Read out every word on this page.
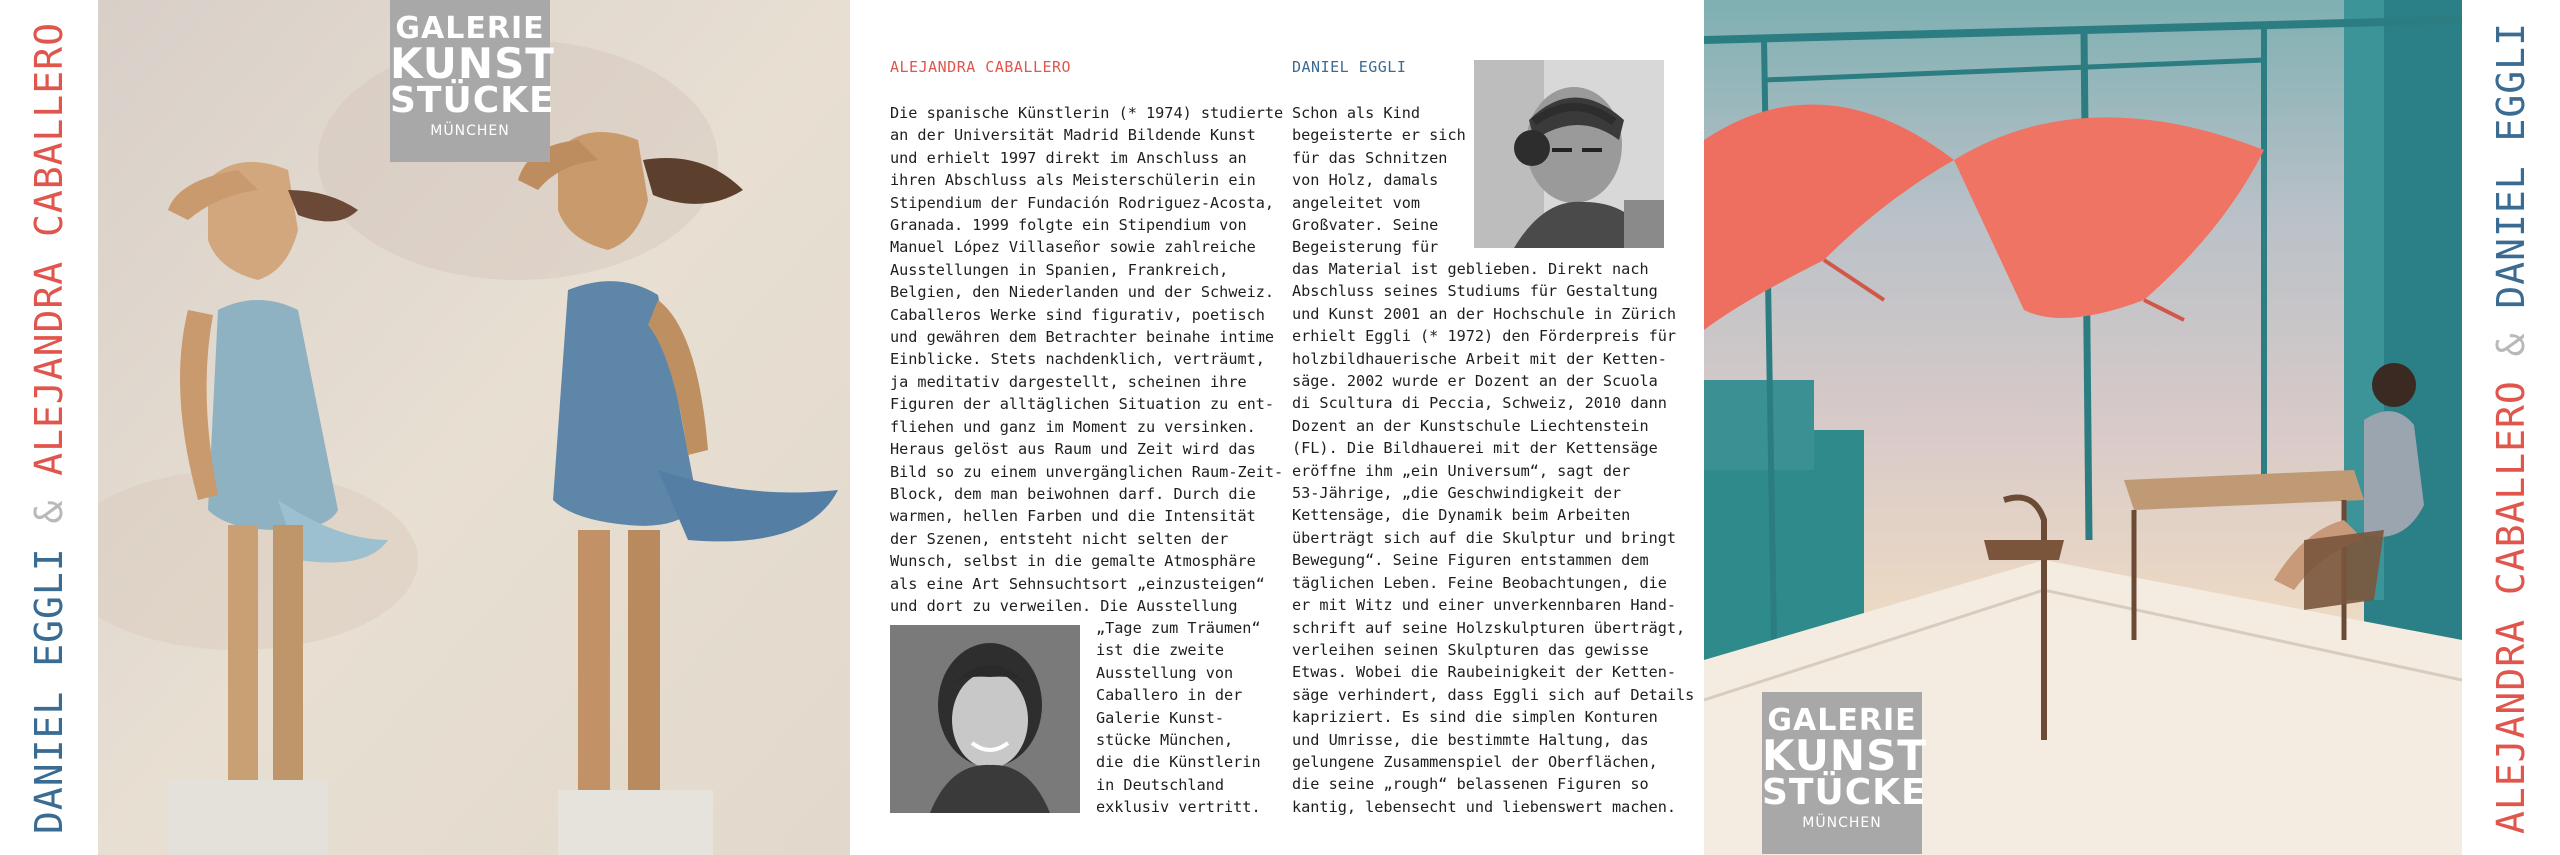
DANIEL EGGLI & ALEJANDRA CABALLERO	GALERIE
KUNST
STÜCKE
MÜNCHEN
ALEJANDRA CABALLERO
Die spanische Künstlerin (* 1974) studierte
an der Universität Madrid Bildende Kunst
und erhielt 1997 direkt im Anschluss an
ihren Abschluss als Meisterschülerin ein
Stipendium der Fundación Rodriguez-Acosta,
Granada. 1999 folgte ein Stipendium von
Manuel López Villaseñor sowie zahlreiche
Ausstellungen in Spanien, Frankreich,
Belgien, den Niederlanden und der Schweiz.
Caballeros Werke sind figurativ, poetisch
und gewähren dem Betrachter beinahe intime
Einblicke. Stets nachdenklich, verträumt,
ja meditativ dargestellt, scheinen ihre
Figuren der alltäglichen Situation zu ent-
fliehen und ganz im Moment zu versinken.
Heraus gelöst aus Raum und Zeit wird das
Bild so zu einem unvergänglichen Raum-Zeit-
Block, dem man beiwohnen darf. Durch die
warmen, hellen Farben und die Intensität
der Szenen, entsteht nicht selten der
Wunsch, selbst in die gemalte Atmosphäre
als eine Art Sehnsuchtsort „einzusteigen“
und dort zu verweilen. Die Ausstellung
„Tage zum Träumen“
ist die zweite
Ausstellung von
Caballero in der
Galerie Kunst-
stücke München,
die die Künstlerin
in Deutschland
exklusiv vertritt.
DANIEL EGGLI
Schon als Kind
begeisterte er sich
für das Schnitzen
von Holz, damals
angeleitet vom
Großvater. Seine
Begeisterung für
das Material ist geblieben. Direkt nach
Abschluss seines Studiums für Gestaltung
und Kunst 2001 an der Hochschule in Zürich
erhielt Eggli (* 1972) den Förderpreis für
holzbildhauerische Arbeit mit der Ketten-
säge. 2002 wurde er Dozent an der Scuola
di Scultura di Peccia, Schweiz, 2010 dann
Dozent an der Kunstschule Liechtenstein
(FL). Die Bildhauerei mit der Kettensäge
eröffne ihm „ein Universum“, sagt der
53-Jährige, „die Geschwindigkeit der
Kettensäge, die Dynamik beim Arbeiten
überträgt sich auf die Skulptur und bringt
Bewegung“. Seine Figuren entstammen dem
täglichen Leben. Feine Beobachtungen, die
er mit Witz und einer unverkennbaren Hand-
schrift auf seine Holzskulpturen überträgt,
verleihen seinen Skulpturen das gewisse
Etwas. Wobei die Raubeinigkeit der Ketten-
säge verhindert, dass Eggli sich auf Details
kapriziert. Es sind die simplen Konturen
und Umrisse, die bestimmte Haltung, das
gelungene Zusammenspiel der Oberflächen,
die seine „rough“ belassenen Figuren so
kantig, lebensecht und liebenswert machen.
GALERIE
KUNST
STÜCKE
MÜNCHEN	ALEJANDRA CABALLERO & DANIEL EGGLI
